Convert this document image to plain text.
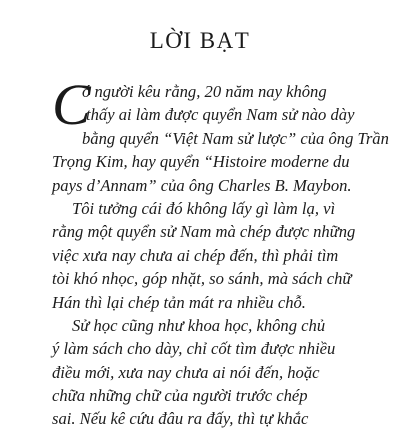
LỜI BẠT
C
ó người kêu rằng, 20 năm nay không
thấy ai làm được quyển Nam sử nào dày
bằng quyển “Việt Nam sử lược” của ông Trần
Trọng Kim, hay quyển “Histoire moderne du
pays d’Annam” của ông Charles B. Maybon.
Tôi tưởng cái đó không lấy gì làm lạ, vì
rằng một quyển sử Nam mà chép được những
việc xưa nay chưa ai chép đến, thì phải tìm
tòi khó nhọc, góp nhặt, so sánh, mà sách chữ
Hán thì lại chép tản mát ra nhiều chỗ.
Sử học cũng như khoa học, không chủ
ý làm sách cho dày, chỉ cốt tìm được nhiều
điều mới, xưa nay chưa ai nói đến, hoặc
chữa những chữ của người trước chép
sai. Nếu kê cứu đâu ra đấy, thì tự khắc
